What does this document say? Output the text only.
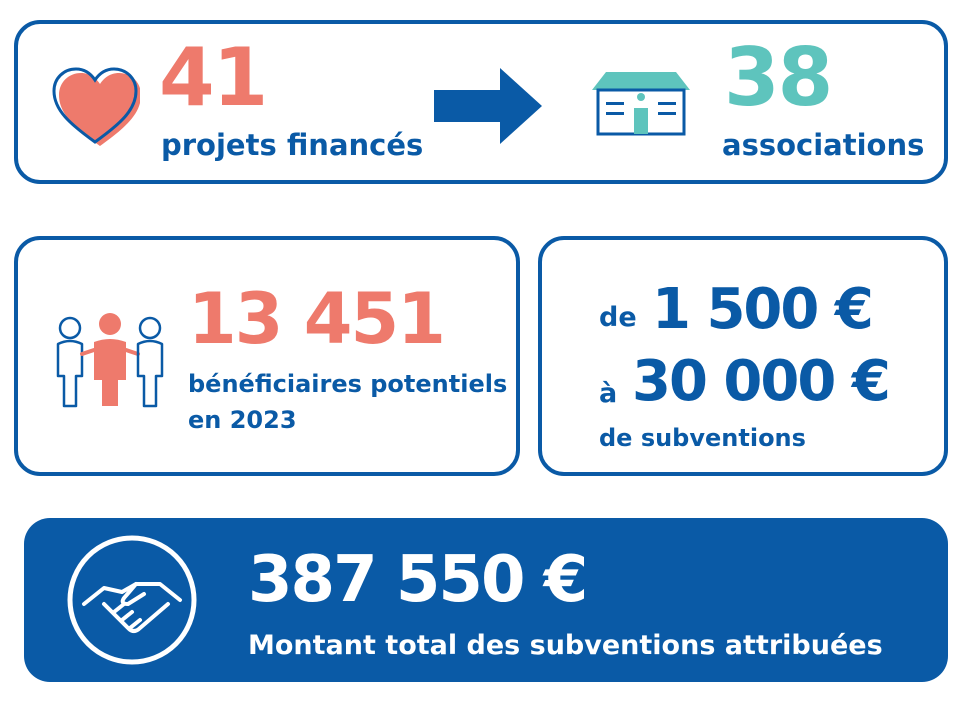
41
projets financés
38
associations
13 451
bénéficiaires potentiels
en 2023
de 1 500 €
à 30 000 €
de subventions
387 550 €
Montant total des subventions attribuées
